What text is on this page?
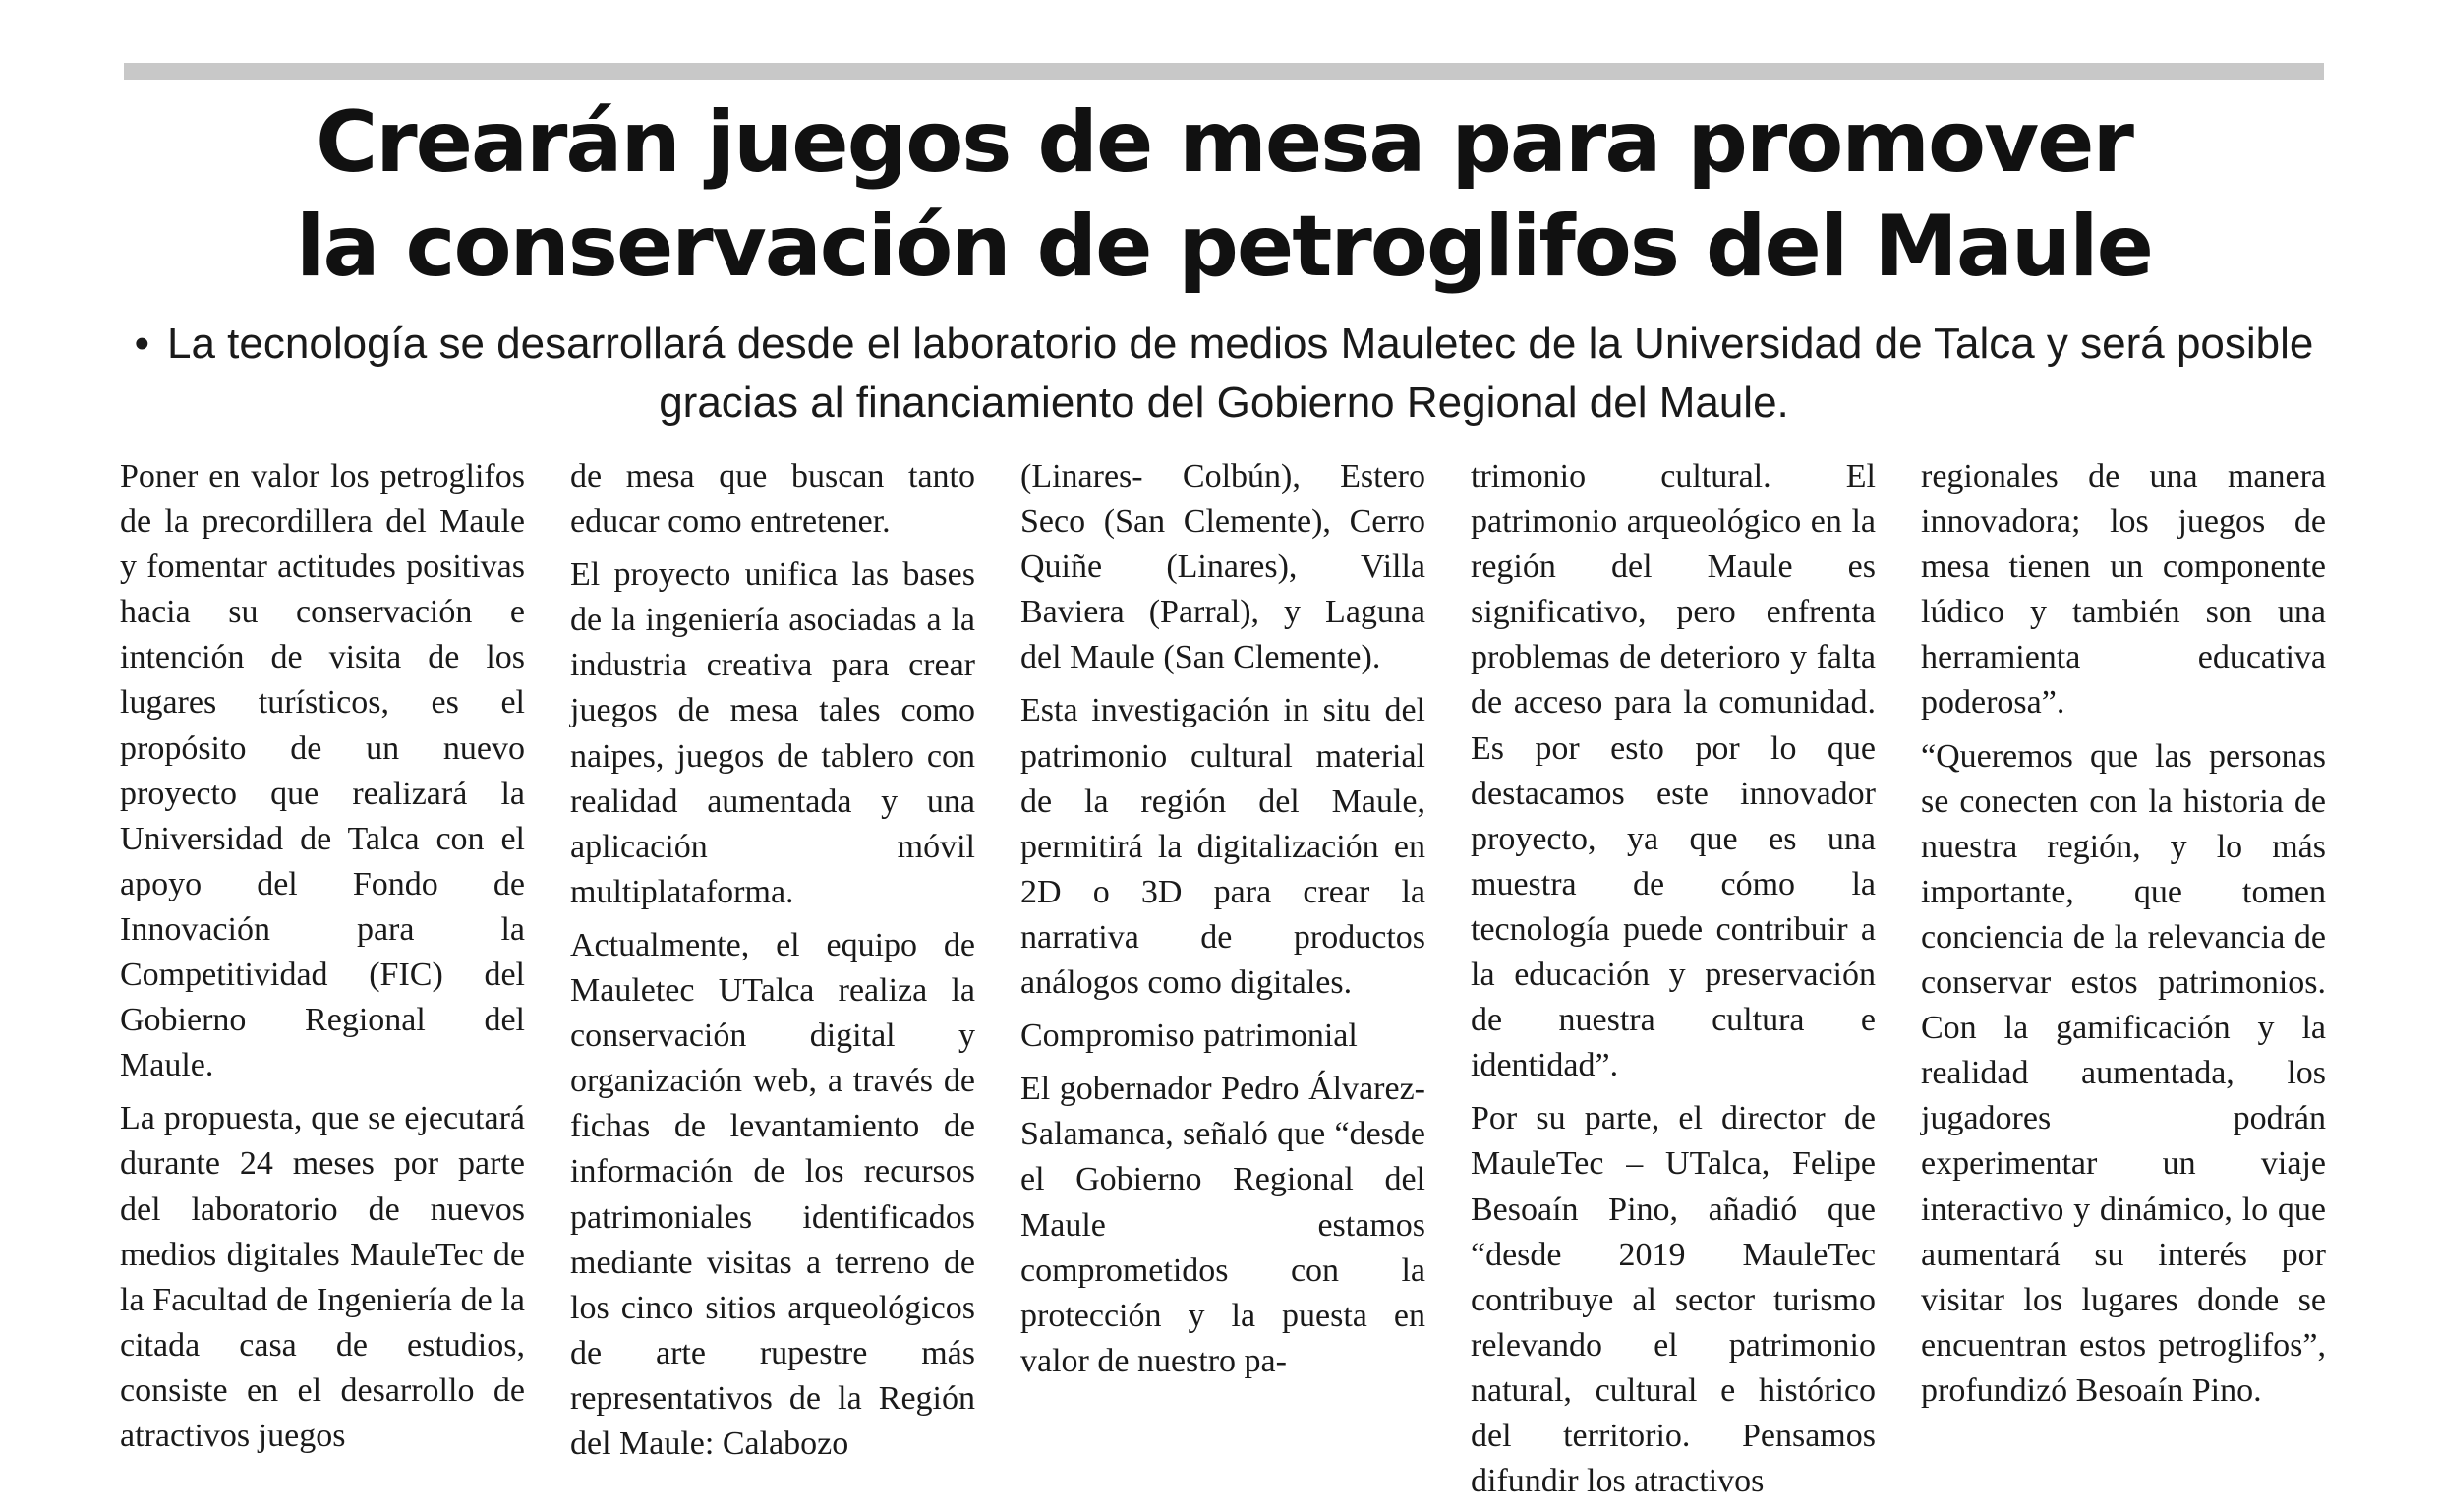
Crearán juegos de mesa para promover
la conservación de petroglifos del Maule
• La tecnología se desarrollará desde el laboratorio de medios Mauletec de la Universidad de Talca y será posible
gracias al financiamiento del Gobierno Regional del Maule.

Poner en valor los petroglifos de la precordillera del Maule y fomentar actitudes positivas hacia su conservación e intención de visita de los lugares turísticos, es el propósito de un nuevo proyecto que realizará la Universidad de Talca con el apoyo del Fondo de Innovación para la Competitividad (FIC) del Gobierno Regional del Maule.

La propuesta, que se ejecutará durante 24 meses por parte del laboratorio de nuevos medios digitales MauleTec de la Facultad de Ingeniería de la citada casa de estudios, consiste en el desarrollo de atractivos juegos

de mesa que buscan tanto educar como entretener.

El proyecto unifica las bases de la ingeniería asociadas a la industria creativa para crear juegos de mesa tales como naipes, juegos de tablero con realidad aumentada y una aplicación móvil multiplataforma.

Actualmente, el equipo de Mauletec UTalca realiza la conservación digital y organización web, a través de fichas de levantamiento de información de los recursos patrimoniales identificados mediante visitas a terreno de los cinco sitios arqueológicos de arte rupestre más representativos de la Región del Maule: Calabozo

(Linares- Colbún), Estero Seco (San Clemente), Cerro Quiñe (Linares), Villa Baviera (Parral), y Laguna del Maule (San Clemente).

Esta investigación in situ del patrimonio cultural material de la región del Maule, permitirá la digitalización en 2D o 3D para crear la narrativa de productos análogos como digitales.

Compromiso patrimonial

El gobernador Pedro Álvarez-Salamanca, señaló que “desde el Gobierno Regional del Maule estamos comprometidos con la protección y la puesta en valor de nuestro pa-

trimonio cultural. El patrimonio arqueológico en la región del Maule es significativo, pero enfrenta problemas de deterioro y falta de acceso para la comunidad. Es por esto por lo que destacamos este innovador proyecto, ya que es una muestra de cómo la tecnología puede contribuir a la educación y preservación de nuestra cultura e identidad”.

Por su parte, el director de MauleTec – UTalca, Felipe Besoaín Pino, añadió que “desde 2019 MauleTec contribuye al sector turismo relevando el patrimonio natural, cultural e histórico del territorio. Pensamos difundir los atractivos

regionales de una manera innovadora; los juegos de mesa tienen un componente lúdico y también son una herramienta educativa poderosa”.

“Queremos que las personas se conecten con la historia de nuestra región, y lo más importante, que tomen conciencia de la relevancia de conservar estos patrimonios. Con la gamificación y la realidad aumentada, los jugadores podrán experimentar un viaje interactivo y dinámico, lo que aumentará su interés por visitar los lugares donde se encuentran estos petroglifos”, profundizó Besoaín Pino.
